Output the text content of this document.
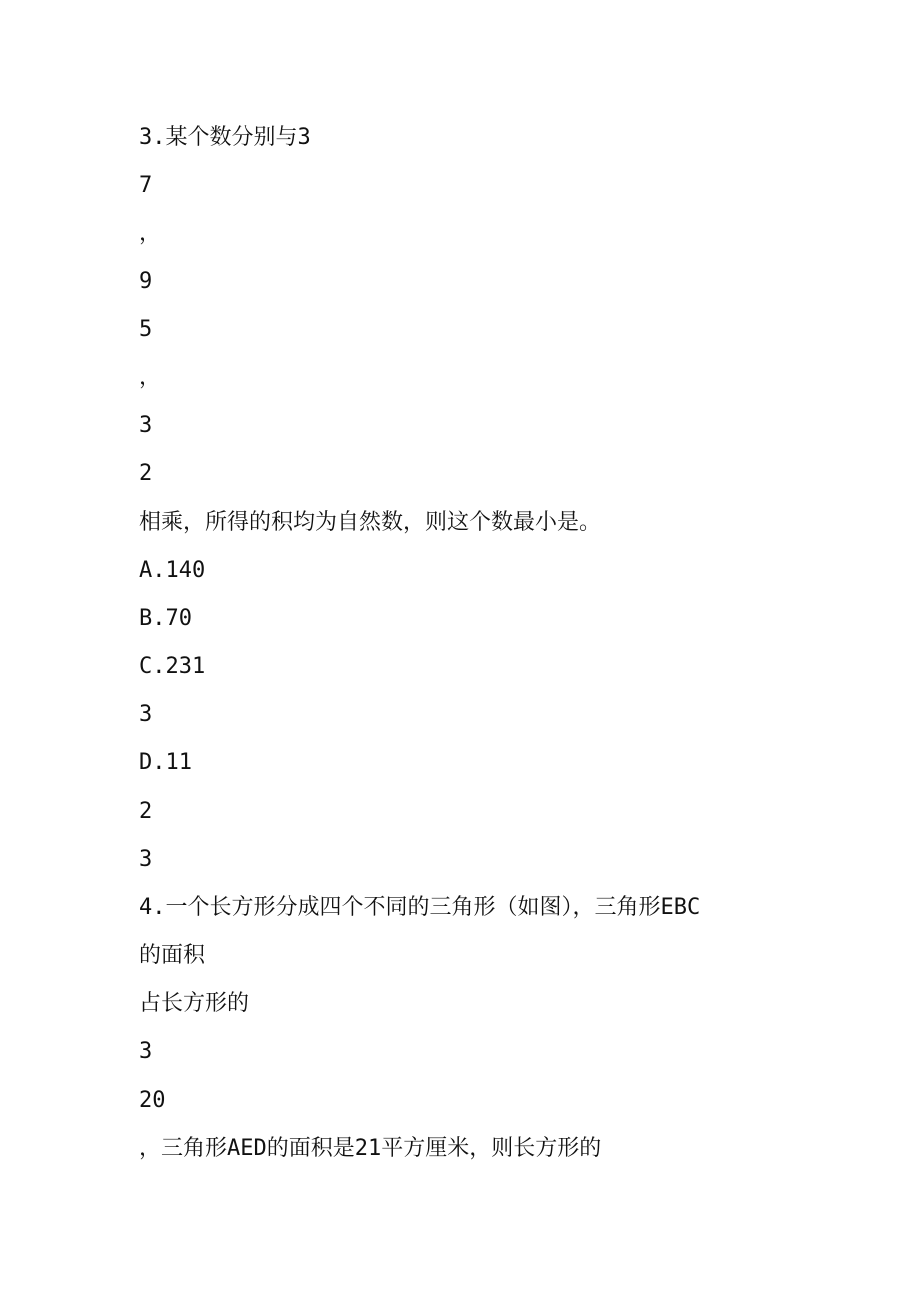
3.某个数分别与3
7
，
9
5
，
3
2
相乘，所得的积均为自然数，则这个数最小是。
A.140
B.70
C.231
3
D.11
2
3
4.一个长方形分成四个不同的三角形（如图），三角形EBC
的面积
占长方形的
3
20
，三角形AED的面积是21平方厘米，则长方形的
